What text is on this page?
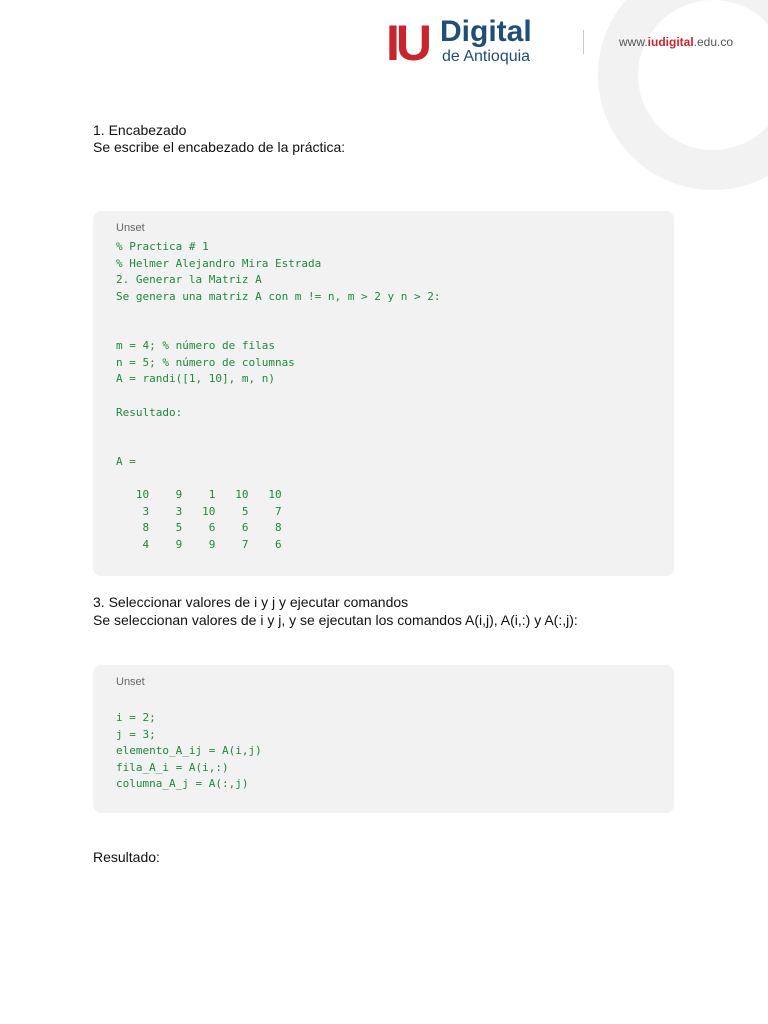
IU Digital
de Antioquia
www.iudigital.edu.co
1. Encabezado
Se escribe el encabezado de la práctica:
Unset
% Practica # 1
% Helmer Alejandro Mira Estrada
2. Generar la Matriz A
Se genera una matriz A con m != n, m > 2 y n > 2:
m = 4; % número de filas
n = 5; % número de columnas
A = randi([1, 10], m, n)
Resultado:
A =
10    9    1   10   10
3    3   10    5    7
8    5    6    6    8
4    9    9    7    6
3. Seleccionar valores de i y j y ejecutar comandos
Se seleccionan valores de i y j, y se ejecutan los comandos A(i,j), A(i,:) y A(:,j):
Unset
i = 2;
j = 3;
elemento_A_ij = A(i,j)
fila_A_i = A(i,:)
columna_A_j = A(:,j)
Resultado:
